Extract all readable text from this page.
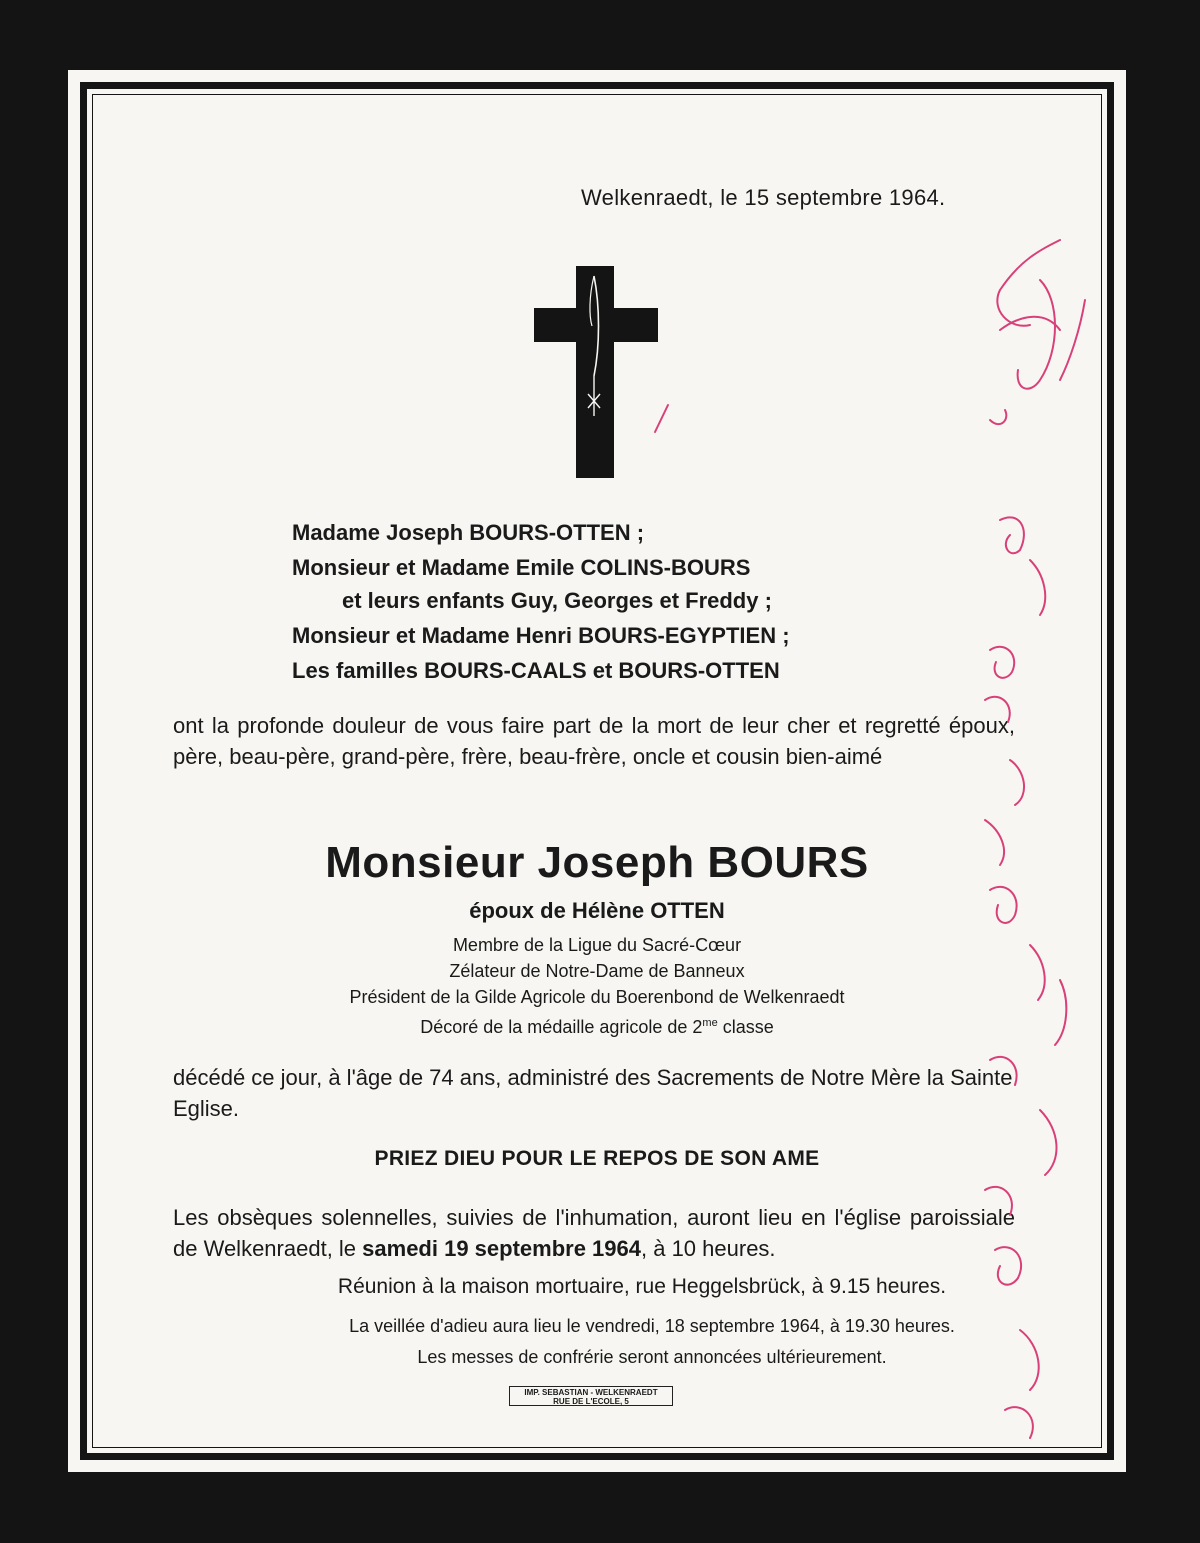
Welkenraedt, le 15 septembre 1964.
Madame Joseph BOURS-OTTEN ;
Monsieur et Madame Emile COLINS-BOURS
et leurs enfants Guy, Georges et Freddy ;
Monsieur et Madame Henri BOURS-EGYPTIEN ;
Les familles BOURS-CAALS et BOURS-OTTEN
ont la profonde douleur de vous faire part de la mort de leur cher et regretté époux, père, beau-père, grand-père, frère, beau-frère, oncle et cousin bien-aimé
Monsieur Joseph BOURS
époux de Hélène OTTEN
Membre de la Ligue du Sacré-Cœur
Zélateur de Notre-Dame de Banneux
Président de la Gilde Agricole du Boerenbond de Welkenraedt
Décoré de la médaille agricole de $2^{me}$ classe
décédé ce jour, à l'âge de 74 ans, administré des Sacrements de Notre Mère la Sainte Eglise.
PRIEZ DIEU POUR LE REPOS DE SON AME
Les obsèques solennelles, suivies de l'inhumation, auront lieu en l'église paroissiale de Welkenraedt, le samedi 19 septembre 1964, à 10 heures.
Réunion à la maison mortuaire, rue Heggelsbrück, à 9.15 heures.
La veillée d'adieu aura lieu le vendredi, 18 septembre 1964, à 19.30 heures.
Les messes de confrérie seront annoncées ultérieurement.
IMP. SEBASTIAN - WELKENRAEDT
RUE DE L'ECOLE, 5
